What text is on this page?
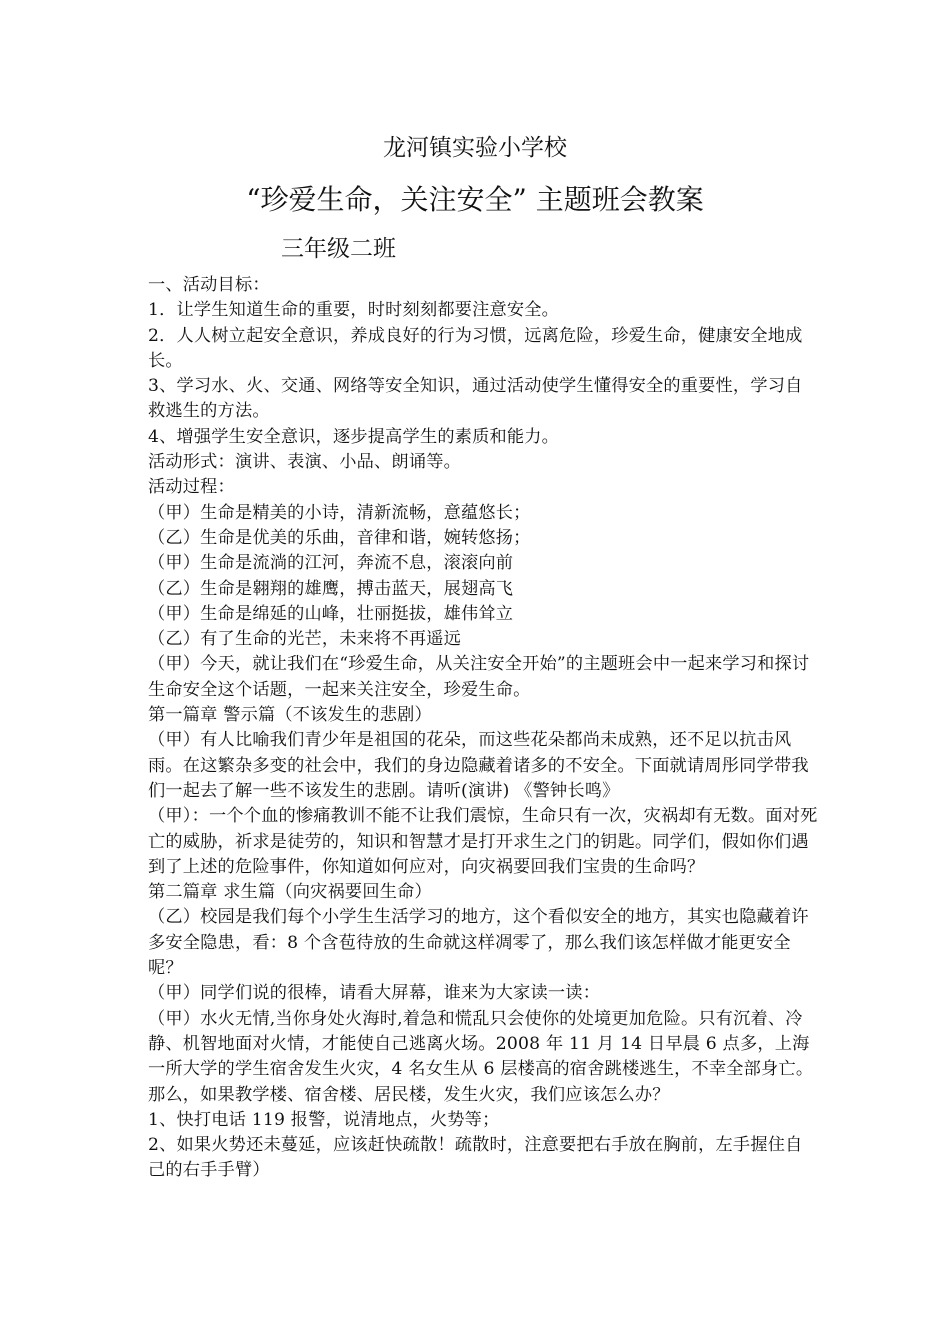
龙河镇实验小学校
“珍爱生命，关注安全” 主题班会教案
三年级二班

一、活动目标：

1．让学生知道生命的重要，时时刻刻都要注意安全。

2．人人树立起安全意识，养成良好的行为习惯，远离危险，珍爱生命，健康安全地成长。

3、学习水、火、交通、网络等安全知识，通过活动使学生懂得安全的重要性，学习自救逃生的方法。

4、增强学生安全意识，逐步提高学生的素质和能力。

活动形式：演讲、表演、小品、朗诵等。

活动过程：

（甲）生命是精美的小诗，清新流畅，意蕴悠长；

（乙）生命是优美的乐曲，音律和谐，婉转悠扬；

（甲）生命是流淌的江河，奔流不息，滚滚向前

（乙）生命是翱翔的雄鹰，搏击蓝天，展翅高飞

（甲）生命是绵延的山峰，壮丽挺拔，雄伟耸立

（乙）有了生命的光芒，未来将不再遥远

（甲）今天，就让我们在“珍爱生命，从关注安全开始”的主题班会中一起来学习和探讨生命安全这个话题，一起来关注安全，珍爱生命。

第一篇章 警示篇（不该发生的悲剧）

（甲）有人比喻我们青少年是祖国的花朵，而这些花朵都尚未成熟，还不足以抗击风雨。在这繁杂多变的社会中，我们的身边隐藏着诸多的不安全。下面就请周彤同学带我们一起去了解一些不该发生的悲剧。请听(演讲) 《警钟长鸣》

（甲）：一个个血的惨痛教训不能不让我们震惊，生命只有一次，灾祸却有无数。面对死亡的威胁，祈求是徒劳的，知识和智慧才是打开求生之门的钥匙。同学们，假如你们遇到了上述的危险事件，你知道如何应对，向灾祸要回我们宝贵的生命吗？

第二篇章 求生篇（向灾祸要回生命）

（乙）校园是我们每个小学生生活学习的地方，这个看似安全的地方，其实也隐藏着许多安全隐患，看：8 个含苞待放的生命就这样凋零了，那么我们该怎样做才能更安全呢？

（甲）同学们说的很棒，请看大屏幕，谁来为大家读一读：

（甲）水火无情,当你身处火海时,着急和慌乱只会使你的处境更加危险。只有沉着、冷静、机智地面对火情，才能使自己逃离火场。2008 年 11 月 14 日早晨 6 点多，上海一所大学的学生宿舍发生火灾，4 名女生从 6 层楼高的宿舍跳楼逃生，不幸全部身亡。

那么，如果教学楼、宿舍楼、居民楼，发生火灾，我们应该怎么办？

1、快打电话 119 报警，说清地点，火势等；

2、如果火势还未蔓延，应该赶快疏散！疏散时，注意要把右手放在胸前，左手握住自己的右手手臂）
